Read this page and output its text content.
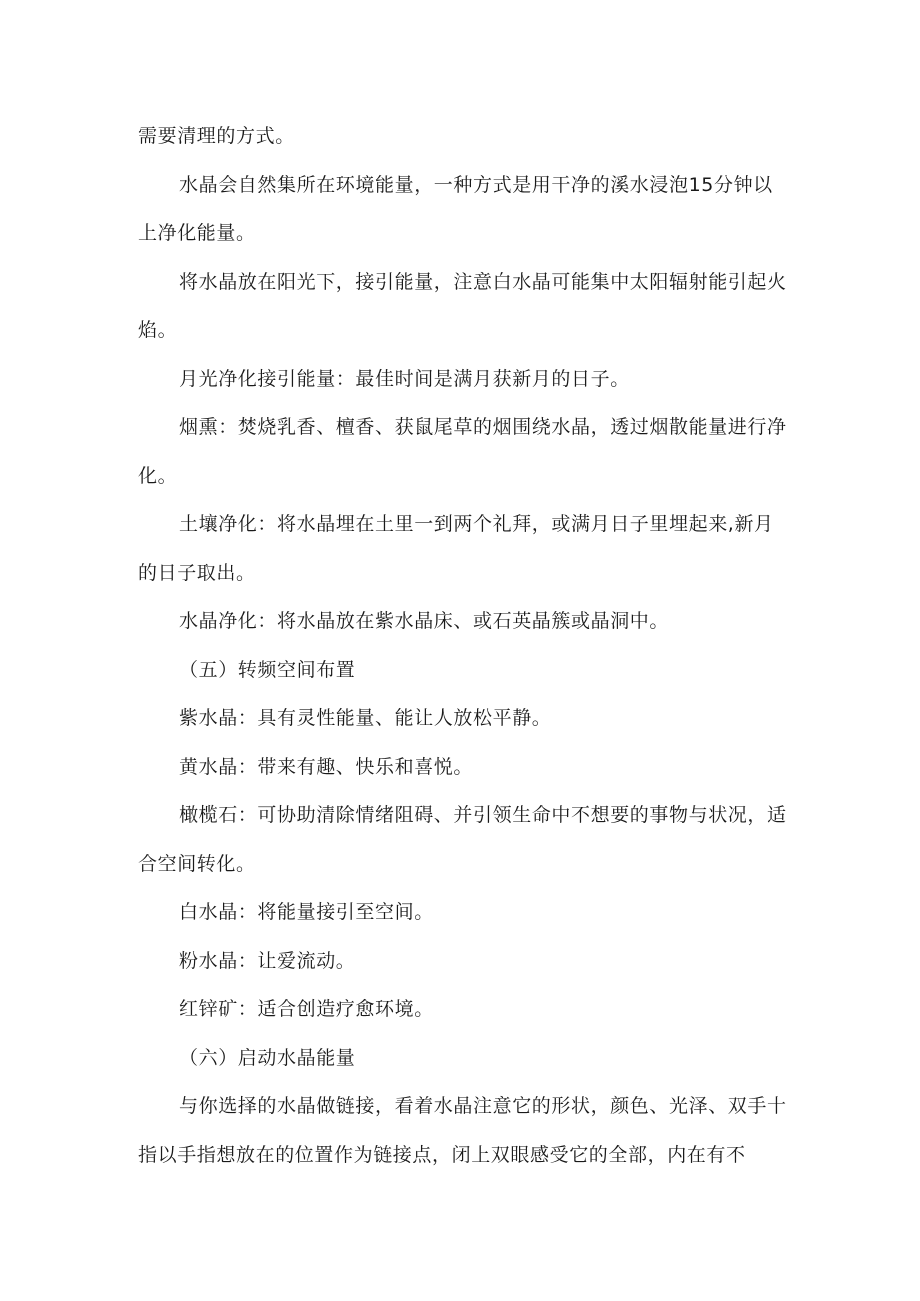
需要清理的方式。

水晶会自然集所在环境能量，一种方式是用干净的溪水浸泡15分钟以上净化能量。

将水晶放在阳光下，接引能量，注意白水晶可能集中太阳辐射能引起火焰。

月光净化接引能量：最佳时间是满月获新月的日子。

烟熏：焚烧乳香、檀香、获鼠尾草的烟围绕水晶，透过烟散能量进行净化。

土壤净化：将水晶埋在土里一到两个礼拜，或满月日子里埋起来,新月的日子取出。

水晶净化：将水晶放在紫水晶床、或石英晶簇或晶洞中。

（五）转频空间布置

紫水晶：具有灵性能量、能让人放松平静。

黄水晶：带来有趣、快乐和喜悦。

橄榄石：可协助清除情绪阻碍、并引领生命中不想要的事物与状况，适合空间转化。

白水晶：将能量接引至空间。

粉水晶：让爱流动。

红锌矿：适合创造疗愈环境。

（六）启动水晶能量

与你选择的水晶做链接，看着水晶注意它的形状，颜色、光泽、双手十指以手指想放在的位置作为链接点，闭上双眼感受它的全部，内在有不
